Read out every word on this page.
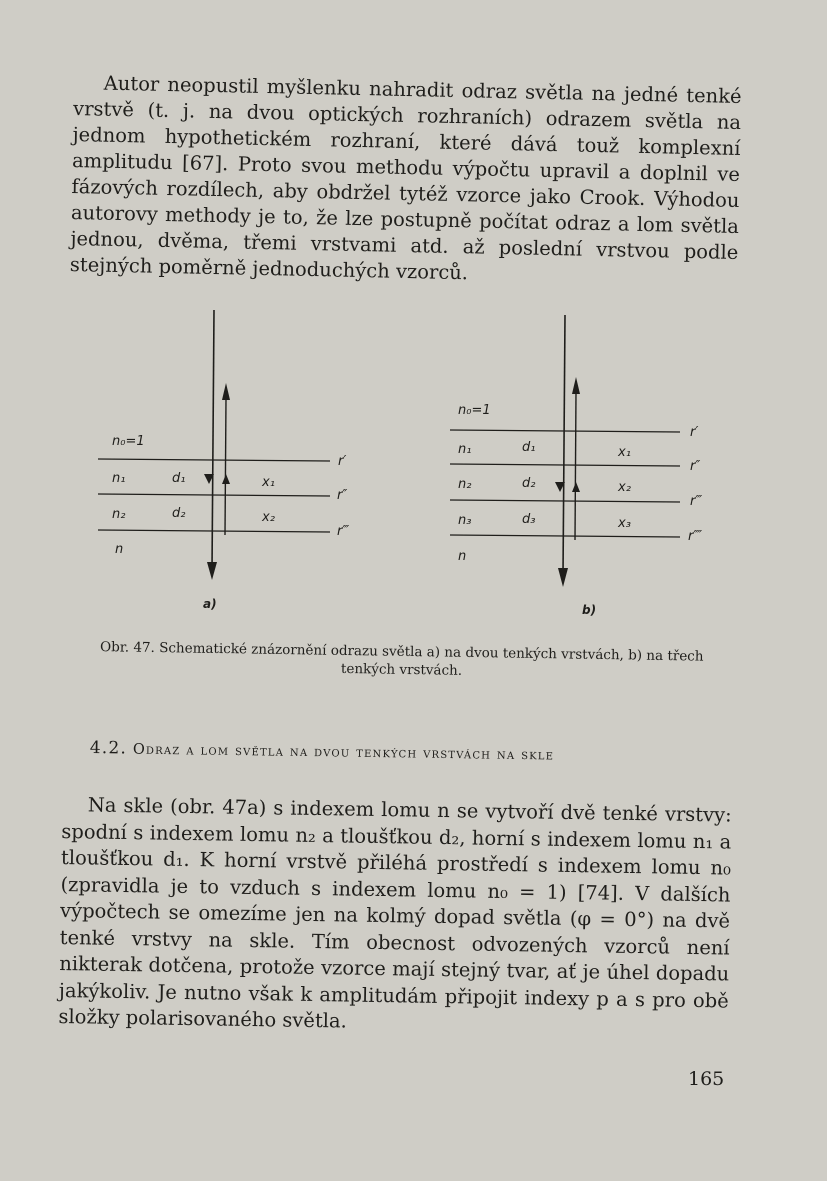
Autor neopustil myšlenku nahradit odraz světla na jedné tenké vrstvě (t. j. na dvou optických rozhraních) odrazem světla na jednom hypothetickém rozhraní, které dává touž komplexní amplitudu [67]. Proto svou methodu výpočtu upravil a doplnil ve fázových rozdílech, aby obdržel tytéž vzorce jako Crook. Výhodou autorovy methody je to, že lze postupně počítat odraz a lom světla jednou, dvěma, třemi vrstvami atd. až poslední vrstvou podle stejných poměrně jednoduchých vzorců.

n₀=1
n₁
n₂
n
d₁
d₂
x₁
x₂
r′
r″
r‴
a)
n₀=1
n₁
n₂
n₃
n
d₁
d₂
d₃
x₁
x₂
x₃
r′
r″
r‴
r⁗
b)
Obr. 47. Schematické znázornění odrazu světla a) na dvou tenkých vrstvách, b) na třech tenkých vrstvách.
4.2. Odraz a lom světla na dvou tenkých vrstvách na skle

Na skle (obr. 47a) s indexem lomu n se vytvoří dvě tenké vrstvy: spodní s indexem lomu n₂ a tloušťkou d₂, horní s indexem lomu n₁ a tloušťkou d₁. K horní vrstvě přiléhá prostředí s indexem lomu n₀ (zpravidla je to vzduch s indexem lomu n₀ = 1) [74]. V dalších výpočtech se omezíme jen na kolmý dopad světla (φ = 0°) na dvě tenké vrstvy na skle. Tím obecnost odvozených vzorců není nikterak dotčena, protože vzorce mají stejný tvar, ať je úhel dopadu jakýkoliv. Je nutno však k amplitudám připojit indexy p a s pro obě složky polarisovaného světla.

165
